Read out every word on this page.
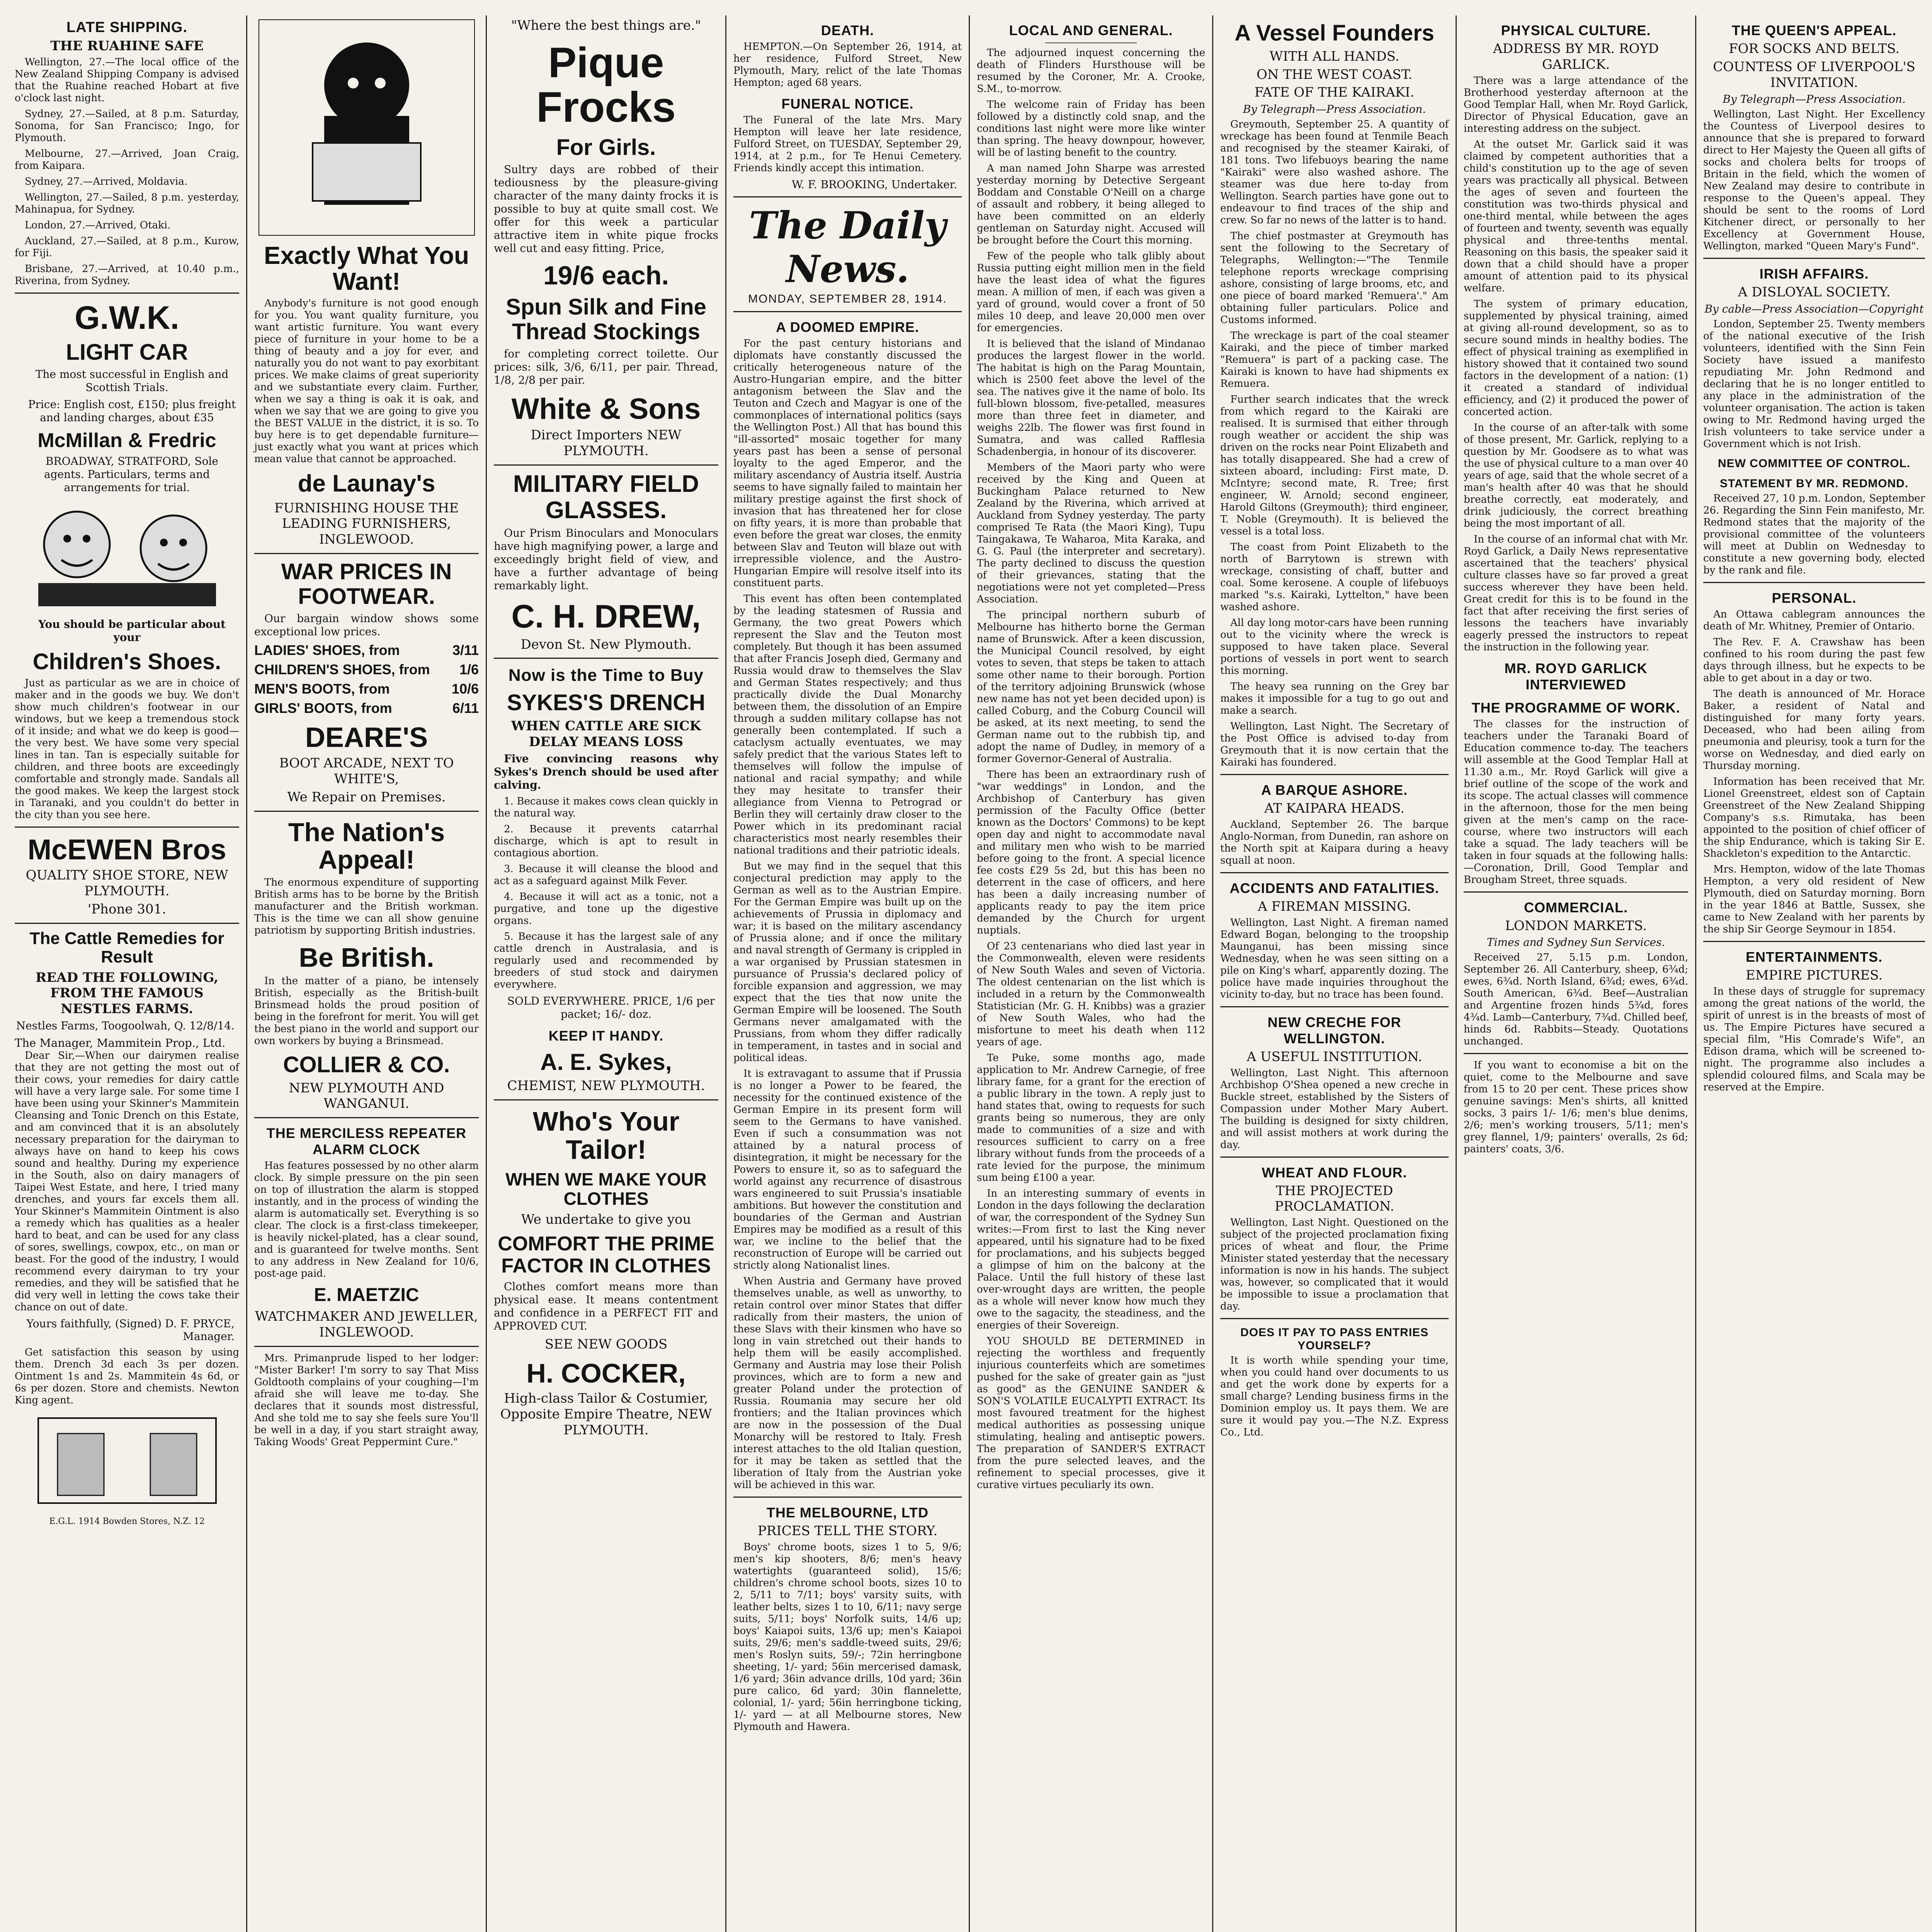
LATE SHIPPING.
THE RUAHINE SAFE

Wellington, 27.—The local office of the New Zealand Shipping Company is advised that the Ruahine reached Hobart at five o'clock last night.

Sydney, 27.—Sailed, at 8 p.m. Saturday, Sonoma, for San Francisco; Ingo, for Plymouth.

Melbourne, 27.—Arrived, Joan Craig, from Kaipara.

Sydney, 27.—Arrived, Moldavia.

Wellington, 27.—Sailed, 8 p.m. yesterday, Mahinapua, for Sydney.

London, 27.—Arrived, Otaki.

Auckland, 27.—Sailed, at 8 p.m., Kurow, for Fiji.

Brisbane, 27.—Arrived, at 10.40 p.m., Riverina, from Sydney.

G.W.K.
LIGHT CAR

The most successful in English and Scottish Trials.

Price: English cost, £150; plus freight and landing charges, about £35

McMillan & Fredric

BROADWAY, STRATFORD, Sole agents. Particulars, terms and arrangements for trial.

You should be particular about your

Children's Shoes.

Just as particular as we are in choice of maker and in the goods we buy. We don't show much children's footwear in our windows, but we keep a tremendous stock of it inside; and what we do keep is good—the very best. We have some very special lines in tan. Tan is especially suitable for children, and three boots are exceedingly comfortable and strongly made. Sandals all the good makes. We keep the largest stock in Taranaki, and you couldn't do better in the city than you see here.

McEWEN Bros

QUALITY SHOE STORE, NEW PLYMOUTH.

'Phone 301.

The Cattle Remedies for Result

READ THE FOLLOWING, FROM THE FAMOUS NESTLES FARMS.

Nestles Farms, Toogoolwah, Q. 12/8/14.

The Manager, Mammitein Prop., Ltd.

Dear Sir,—When our dairymen realise that they are not getting the most out of their cows, your remedies for dairy cattle will have a very large sale. For some time I have been using your Skinner's Mammitein Cleansing and Tonic Drench on this Estate, and am convinced that it is an absolutely necessary preparation for the dairyman to always have on hand to keep his cows sound and healthy. During my experience in the South, also on dairy managers of Taipei West Estate, and here, I tried many drenches, and yours far excels them all. Your Skinner's Mammitein Ointment is also a remedy which has qualities as a healer hard to beat, and can be used for any class of sores, swellings, cowpox, etc., on man or beast. For the good of the industry, I would recommend every dairyman to try your remedies, and they will be satisfied that he did very well in letting the cows take their chance on out of date.

Yours faithfully, (Signed) D. F. PRYCE, Manager.

Get satisfaction this season by using them. Drench 3d each 3s per dozen. Ointment 1s and 2s. Mammitein 4s 6d, or 6s per dozen. Store and chemists. Newton King agent.

E.G.L. 1914 Bowden Stores, N.Z. 12

Exactly What You Want!

Anybody's furniture is not good enough for you. You want quality furniture, you want artistic furniture. You want every piece of furniture in your home to be a thing of beauty and a joy for ever, and naturally you do not want to pay exorbitant prices. We make claims of great superiority and we substantiate every claim. Further, when we say a thing is oak it is oak, and when we say that we are going to give you the BEST VALUE in the district, it is so. To buy here is to get dependable furniture—just exactly what you want at prices which mean value that cannot be approached.

de Launay's

FURNISHING HOUSE THE LEADING FURNISHERS, INGLEWOOD.

WAR PRICES IN FOOTWEAR.

Our bargain window shows some exceptional low prices.

LADIES' SHOES, from	3/11
CHILDREN'S SHOES, from 1/6
MEN'S BOOTS, from	10/6
GIRLS' BOOTS, from	6/11
DEARE'S

BOOT ARCADE, NEXT TO WHITE'S,

We Repair on Premises.

The Nation's Appeal!

The enormous expenditure of supporting British arms has to be borne by the British manufacturer and the British workman. This is the time we can all show genuine patriotism by supporting British industries.

Be British.

In the matter of a piano, be intensely British, especially as the British-built Brinsmead holds the proud position of being in the forefront for merit. You will get the best piano in the world and support our own workers by buying a Brinsmead.

COLLIER & CO.

NEW PLYMOUTH AND WANGANUI.

THE MERCILESS REPEATER ALARM CLOCK

Has features possessed by no other alarm clock. By simple pressure on the pin seen on top of illustration the alarm is stopped instantly, and in the process of winding the alarm is automatically set. Everything is so clear. The clock is a first-class timekeeper, is heavily nickel-plated, has a clear sound, and is guaranteed for twelve months. Sent to any address in New Zealand for 10/6, post-age paid.

E. MAETZIC

WATCHMAKER AND JEWELLER, INGLEWOOD.

Mrs. Primanprude lisped to her lodger: "Mister Barker! I'm sorry to say That Miss Goldtooth complains of your coughing—I'm afraid she will leave me to-day. She declares that it sounds most distressful, And she told me to say she feels sure You'll be well in a day, if you start straight away, Taking Woods' Great Peppermint Cure."

"Where the best things are."

Pique Frocks
For Girls.

Sultry days are robbed of their tediousness by the pleasure-giving character of the many dainty frocks it is possible to buy at quite small cost. We offer for this week a particular attractive item in white pique frocks well cut and easy fitting. Price,

19/6 each.
Spun Silk and Fine Thread Stockings

for completing correct toilette. Our prices: silk, 3/6, 6/11, per pair. Thread, 1/8, 2/8 per pair.

White & Sons

Direct Importers NEW PLYMOUTH.

MILITARY FIELD GLASSES.

Our Prism Binoculars and Monoculars have high magnifying power, a large and exceedingly bright field of view, and have a further advantage of being remarkably light.

C. H. DREW,

Devon St. New Plymouth.

Now is the Time to Buy
SYKES'S DRENCH

WHEN CATTLE ARE SICK DELAY MEANS LOSS

Five convincing reasons why Sykes's Drench should be used after calving.

1. Because it makes cows clean quickly in the natural way.

2. Because it prevents catarrhal discharge, which is apt to result in contagious abortion.

3. Because it will cleanse the blood and act as a safeguard against Milk Fever.

4. Because it will act as a tonic, not a purgative, and tone up the digestive organs.

5. Because it has the largest sale of any cattle drench in Australasia, and is regularly used and recommended by breeders of stud stock and dairymen everywhere.

SOLD EVERYWHERE. PRICE, 1/6 per packet; 16/- doz.

KEEP IT HANDY.
A. E. Sykes,

CHEMIST, NEW PLYMOUTH.

Who's Your Tailor!
WHEN WE MAKE YOUR CLOTHES

We undertake to give you

COMFORT THE PRIME FACTOR IN CLOTHES

Clothes comfort means more than physical ease. It means contentment and confidence in a PERFECT FIT and APPROVED CUT.

SEE NEW GOODS

H. COCKER,

High-class Tailor & Costumier, Opposite Empire Theatre, NEW PLYMOUTH.

DEATH.

HEMPTON.—On September 26, 1914, at her residence, Fulford Street, New Plymouth, Mary, relict of the late Thomas Hempton; aged 68 years.

FUNERAL NOTICE.

The Funeral of the late Mrs. Mary Hempton will leave her late residence, Fulford Street, on TUESDAY, September 29, 1914, at 2 p.m., for Te Henui Cemetery. Friends kindly accept this intimation.

W. F. BROOKING, Undertaker.

The Daily News.
MONDAY, SEPTEMBER 28, 1914.
A DOOMED EMPIRE.

For the past century historians and diplomats have constantly discussed the critically heterogeneous nature of the Austro-Hungarian empire, and the bitter antagonism between the Slav and the Teuton and Czech and Magyar is one of the commonplaces of international politics (says the Wellington Post.) All that has bound this "ill-assorted" mosaic together for many years past has been a sense of personal loyalty to the aged Emperor, and the military ascendancy of Austria itself. Austria seems to have signally failed to maintain her military prestige against the first shock of invasion that has threatened her for close on fifty years, it is more than probable that even before the great war closes, the enmity between Slav and Teuton will blaze out with irrepressible violence, and the Austro-Hungarian Empire will resolve itself into its constituent parts.

This event has often been contemplated by the leading statesmen of Russia and Germany, the two great Powers which represent the Slav and the Teuton most completely. But though it has been assumed that after Francis Joseph died, Germany and Russia would draw to themselves the Slav and German States respectively; and thus practically divide the Dual Monarchy between them, the dissolution of an Empire through a sudden military collapse has not generally been contemplated. If such a cataclysm actually eventuates, we may safely predict that the various States left to themselves will follow the impulse of national and racial sympathy; and while they may hesitate to transfer their allegiance from Vienna to Petrograd or Berlin they will certainly draw closer to the Power which in its predominant racial characteristics most nearly resembles their national traditions and their patriotic ideals.

But we may find in the sequel that this conjectural prediction may apply to the German as well as to the Austrian Empire. For the German Empire was built up on the achievements of Prussia in diplomacy and war; it is based on the military ascendancy of Prussia alone; and if once the military and naval strength of Germany is crippled in a war organised by Prussian statesmen in pursuance of Prussia's declared policy of forcible expansion and aggression, we may expect that the ties that now unite the German Empire will be loosened. The South Germans never amalgamated with the Prussians, from whom they differ radically in temperament, in tastes and in social and political ideas.

It is extravagant to assume that if Prussia is no longer a Power to be feared, the necessity for the continued existence of the German Empire in its present form will seem to the Germans to have vanished. Even if such a consummation was not attained by a natural process of disintegration, it might be necessary for the Powers to ensure it, so as to safeguard the world against any recurrence of disastrous wars engineered to suit Prussia's insatiable ambitions. But however the constitution and boundaries of the German and Austrian Empires may be modified as a result of this war, we incline to the belief that the reconstruction of Europe will be carried out strictly along Nationalist lines.

When Austria and Germany have proved themselves unable, as well as unworthy, to retain control over minor States that differ radically from their masters, the union of these Slavs with their kinsmen who have so long in vain stretched out their hands to help them will be easily accomplished. Germany and Austria may lose their Polish provinces, which are to form a new and greater Poland under the protection of Russia. Roumania may secure her old frontiers; and the Italian provinces which are now in the possession of the Dual Monarchy will be restored to Italy. Fresh interest attaches to the old Italian question, for it may be taken as settled that the liberation of Italy from the Austrian yoke will be achieved in this war.

THE MELBOURNE, LTD

PRICES TELL THE STORY.

Boys' chrome boots, sizes 1 to 5, 9/6; men's kip shooters, 8/6; men's heavy watertights (guaranteed solid), 15/6; children's chrome school boots, sizes 10 to 2, 5/11 to 7/11; boys' varsity suits, with leather belts, sizes 1 to 10, 6/11; navy serge suits, 5/11; boys' Norfolk suits, 14/6 up; boys' Kaiapoi suits, 13/6 up; men's Kaiapoi suits, 29/6; men's saddle-tweed suits, 29/6; men's Roslyn suits, 59/-; 72in herringbone sheeting, 1/- yard; 56in mercerised damask, 1/6 yard; 36in advance drills, 10d yard; 36in pure calico, 6d yard; 30in flannelette, colonial, 1/- yard; 56in herringbone ticking, 1/- yard — at all Melbourne stores, New Plymouth and Hawera.

LOCAL AND GENERAL.

The adjourned inquest concerning the death of Flinders Hursthouse will be resumed by the Coroner, Mr. A. Crooke, S.M., to-morrow.

The welcome rain of Friday has been followed by a distinctly cold snap, and the conditions last night were more like winter than spring. The heavy downpour, however, will be of lasting benefit to the country.

A man named John Sharpe was arrested yesterday morning by Detective Sergeant Boddam and Constable O'Neill on a charge of assault and robbery, it being alleged to have been committed on an elderly gentleman on Saturday night. Accused will be brought before the Court this morning.

Few of the people who talk glibly about Russia putting eight million men in the field have the least idea of what the figures mean. A million of men, if each was given a yard of ground, would cover a front of 50 miles 10 deep, and leave 20,000 men over for emergencies.

It is believed that the island of Mindanao produces the largest flower in the world. The habitat is high on the Parag Mountain, which is 2500 feet above the level of the sea. The natives give it the name of bolo. Its full-blown blossom, five-petalled, measures more than three feet in diameter, and weighs 22lb. The flower was first found in Sumatra, and was called Rafflesia Schadenbergia, in honour of its discoverer.

Members of the Maori party who were received by the King and Queen at Buckingham Palace returned to New Zealand by the Riverina, which arrived at Auckland from Sydney yesterday. The party comprised Te Rata (the Maori King), Tupu Taingakawa, Te Waharoa, Mita Karaka, and G. G. Paul (the interpreter and secretary). The party declined to discuss the question of their grievances, stating that the negotiations were not yet completed—Press Association.

The principal northern suburb of Melbourne has hitherto borne the German name of Brunswick. After a keen discussion, the Municipal Council resolved, by eight votes to seven, that steps be taken to attach some other name to their borough. Portion of the territory adjoining Brunswick (whose new name has not yet been decided upon) is called Coburg, and the Coburg Council will be asked, at its next meeting, to send the German name out to the rubbish tip, and adopt the name of Dudley, in memory of a former Governor-General of Australia.

There has been an extraordinary rush of "war weddings" in London, and the Archbishop of Canterbury has given permission of the Faculty Office (better known as the Doctors' Commons) to be kept open day and night to accommodate naval and military men who wish to be married before going to the front. A special licence fee costs £29 5s 2d, but this has been no deterrent in the case of officers, and here has been a daily increasing number of applicants ready to pay the item price demanded by the Church for urgent nuptials.

Of 23 centenarians who died last year in the Commonwealth, eleven were residents of New South Wales and seven of Victoria. The oldest centenarian on the list which is included in a return by the Commonwealth Statistician (Mr. G. H. Knibbs) was a grazier of New South Wales, who had the misfortune to meet his death when 112 years of age.

Te Puke, some months ago, made application to Mr. Andrew Carnegie, of free library fame, for a grant for the erection of a public library in the town. A reply just to hand states that, owing to requests for such grants being so numerous, they are only made to communities of a size and with resources sufficient to carry on a free library without funds from the proceeds of a rate levied for the purpose, the minimum sum being £100 a year.

In an interesting summary of events in London in the days following the declaration of war, the correspondent of the Sydney Sun writes:—From first to last the King never appeared, until his signature had to be fixed for proclamations, and his subjects begged a glimpse of him on the balcony at the Palace. Until the full history of these last over-wrought days are written, the people as a whole will never know how much they owe to the sagacity, the steadiness, and the energies of their Sovereign.

YOU SHOULD BE DETERMINED in rejecting the worthless and frequently injurious counterfeits which are sometimes pushed for the sake of greater gain as "just as good" as the GENUINE SANDER & SON'S VOLATILE EUCALYPTI EXTRACT. Its most favoured treatment for the highest medical authorities as possessing unique stimulating, healing and antiseptic powers. The preparation of SANDER'S EXTRACT from the pure selected leaves, and the refinement to special processes, give it curative virtues peculiarly its own.

A Vessel Founders

WITH ALL HANDS.

ON THE WEST COAST.

FATE OF THE KAIRAKI.

By Telegraph—Press Association.

Greymouth, September 25. A quantity of wreckage has been found at Tenmile Beach and recognised by the steamer Kairaki, of 181 tons. Two lifebuoys bearing the name "Kairaki" were also washed ashore. The steamer was due here to-day from Wellington. Search parties have gone out to endeavour to find traces of the ship and crew. So far no news of the latter is to hand.

The chief postmaster at Greymouth has sent the following to the Secretary of Telegraphs, Wellington:—"The Tenmile telephone reports wreckage comprising ashore, consisting of large brooms, etc, and one piece of board marked 'Remuera'." Am obtaining fuller particulars. Police and Customs informed.

The wreckage is part of the coal steamer Kairaki, and the piece of timber marked "Remuera" is part of a packing case. The Kairaki is known to have had shipments ex Remuera.

Further search indicates that the wreck from which regard to the Kairaki are realised. It is surmised that either through rough weather or accident the ship was driven on the rocks near Point Elizabeth and has totally disappeared. She had a crew of sixteen aboard, including: First mate, D. McIntyre; second mate, R. Tree; first engineer, W. Arnold; second engineer, Harold Giltons (Greymouth); third engineer, T. Noble (Greymouth). It is believed the vessel is a total loss.

The coast from Point Elizabeth to the north of Barrytown is strewn with wreckage, consisting of chaff, butter and coal. Some kerosene. A couple of lifebuoys marked "s.s. Kairaki, Lyttelton," have been washed ashore.

All day long motor-cars have been running out to the vicinity where the wreck is supposed to have taken place. Several portions of vessels in port went to search this morning.

The heavy sea running on the Grey bar makes it impossible for a tug to go out and make a search.

Wellington, Last Night. The Secretary of the Post Office is advised to-day from Greymouth that it is now certain that the Kairaki has foundered.

A BARQUE ASHORE.

AT KAIPARA HEADS.

Auckland, September 26. The barque Anglo-Norman, from Dunedin, ran ashore on the North spit at Kaipara during a heavy squall at noon.

ACCIDENTS AND FATALITIES.

A FIREMAN MISSING.

Wellington, Last Night. A fireman named Edward Bogan, belonging to the troopship Maunganui, has been missing since Wednesday, when he was seen sitting on a pile on King's wharf, apparently dozing. The police have made inquiries throughout the vicinity to-day, but no trace has been found.

NEW CRECHE FOR WELLINGTON.

A USEFUL INSTITUTION.

Wellington, Last Night. This afternoon Archbishop O'Shea opened a new creche in Buckle street, established by the Sisters of Compassion under Mother Mary Aubert. The building is designed for sixty children, and will assist mothers at work during the day.

WHEAT AND FLOUR.

THE PROJECTED PROCLAMATION.

Wellington, Last Night. Questioned on the subject of the projected proclamation fixing prices of wheat and flour, the Prime Minister stated yesterday that the necessary information is now in his hands. The subject was, however, so complicated that it would be impossible to issue a proclamation that day.

DOES IT PAY TO PASS ENTRIES YOURSELF?

It is worth while spending your time, when you could hand over documents to us and get the work done by experts for a small charge? Lending business firms in the Dominion employ us. It pays them. We are sure it would pay you.—The N.Z. Express Co., Ltd.

PHYSICAL CULTURE.

ADDRESS BY MR. ROYD GARLICK.

There was a large attendance of the Brotherhood yesterday afternoon at the Good Templar Hall, when Mr. Royd Garlick, Director of Physical Education, gave an interesting address on the subject.

At the outset Mr. Garlick said it was claimed by competent authorities that a child's constitution up to the age of seven years was practically all physical. Between the ages of seven and fourteen the constitution was two-thirds physical and one-third mental, while between the ages of fourteen and twenty, seventh was equally physical and three-tenths mental. Reasoning on this basis, the speaker said it down that a child should have a proper amount of attention paid to its physical welfare.

The system of primary education, supplemented by physical training, aimed at giving all-round development, so as to secure sound minds in healthy bodies. The effect of physical training as exemplified in history showed that it contained two sound factors in the development of a nation: (1) it created a standard of individual efficiency, and (2) it produced the power of concerted action.

In the course of an after-talk with some of those present, Mr. Garlick, replying to a question by Mr. Goodsere as to what was the use of physical culture to a man over 40 years of age, said that the whole secret of a man's health after 40 was that he should breathe correctly, eat moderately, and drink judiciously, the correct breathing being the most important of all.

In the course of an informal chat with Mr. Royd Garlick, a Daily News representative ascertained that the teachers' physical culture classes have so far proved a great success wherever they have been held. Great credit for this is to be found in the fact that after receiving the first series of lessons the teachers have invariably eagerly pressed the instructors to repeat the instruction in the following year.

MR. ROYD GARLICK INTERVIEWED
THE PROGRAMME OF WORK.

The classes for the instruction of teachers under the Taranaki Board of Education commence to-day. The teachers will assemble at the Good Templar Hall at 11.30 a.m., Mr. Royd Garlick will give a brief outline of the scope of the work and its scope. The actual classes will commence in the afternoon, those for the men being given at the men's camp on the race-course, where two instructors will each take a squad. The lady teachers will be taken in four squads at the following halls:—Coronation, Drill, Good Templar and Brougham Street, three squads.

COMMERCIAL.

LONDON MARKETS.

Times and Sydney Sun Services.

Received 27, 5.15 p.m. London, September 26. All Canterbury, sheep, 6¾d; ewes, 6¾d. North Island, 6¾d; ewes, 6¾d. South American, 6¾d. Beef—Australian and Argentine frozen hinds 5¾d, fores 4¾d. Lamb—Canterbury, 7¾d. Chilled beef, hinds 6d. Rabbits—Steady. Quotations unchanged.

If you want to economise a bit on the quiet, come to the Melbourne and save from 15 to 20 per cent. These prices show genuine savings: Men's shirts, all knitted socks, 3 pairs 1/- 1/6; men's blue denims, 2/6; men's working trousers, 5/11; men's grey flannel, 1/9; painters' overalls, 2s 6d; painters' coats, 3/6.

THE QUEEN'S APPEAL.

FOR SOCKS AND BELTS.

COUNTESS OF LIVERPOOL'S INVITATION.

By Telegraph—Press Association.

Wellington, Last Night. Her Excellency the Countess of Liverpool desires to announce that she is prepared to forward direct to Her Majesty the Queen all gifts of socks and cholera belts for troops of Britain in the field, which the women of New Zealand may desire to contribute in response to the Queen's appeal. They should be sent to the rooms of Lord Kitchener direct, or personally to her Excellency at Government House, Wellington, marked "Queen Mary's Fund".

IRISH AFFAIRS.

A DISLOYAL SOCIETY.

By cable—Press Association—Copyright

London, September 25. Twenty members of the national executive of the Irish volunteers, identified with the Sinn Fein Society have issued a manifesto repudiating Mr. John Redmond and declaring that he is no longer entitled to any place in the administration of the volunteer organisation. The action is taken owing to Mr. Redmond having urged the Irish volunteers to take service under a Government which is not Irish.

NEW COMMITTEE OF CONTROL.
STATEMENT BY MR. REDMOND.

Received 27, 10 p.m. London, September 26. Regarding the Sinn Fein manifesto, Mr. Redmond states that the majority of the provisional committee of the volunteers will meet at Dublin on Wednesday to constitute a new governing body, elected by the rank and file.

PERSONAL.

An Ottawa cablegram announces the death of Mr. Whitney, Premier of Ontario.

The Rev. F. A. Crawshaw has been confined to his room during the past few days through illness, but he expects to be able to get about in a day or two.

The death is announced of Mr. Horace Baker, a resident of Natal and distinguished for many forty years. Deceased, who had been ailing from pneumonia and pleurisy, took a turn for the worse on Wednesday, and died early on Thursday morning.

Information has been received that Mr. Lionel Greenstreet, eldest son of Captain Greenstreet of the New Zealand Shipping Company's s.s. Rimutaka, has been appointed to the position of chief officer of the ship Endurance, which is taking Sir E. Shackleton's expedition to the Antarctic.

Mrs. Hempton, widow of the late Thomas Hempton, a very old resident of New Plymouth, died on Saturday morning. Born in the year 1846 at Battle, Sussex, she came to New Zealand with her parents by the ship Sir George Seymour in 1854.

ENTERTAINMENTS.

EMPIRE PICTURES.

In these days of struggle for supremacy among the great nations of the world, the spirit of unrest is in the breasts of most of us. The Empire Pictures have secured a special film, "His Comrade's Wife", an Edison drama, which will be screened to-night. The programme also includes a splendid coloured films, and Scala may be reserved at the Empire.
